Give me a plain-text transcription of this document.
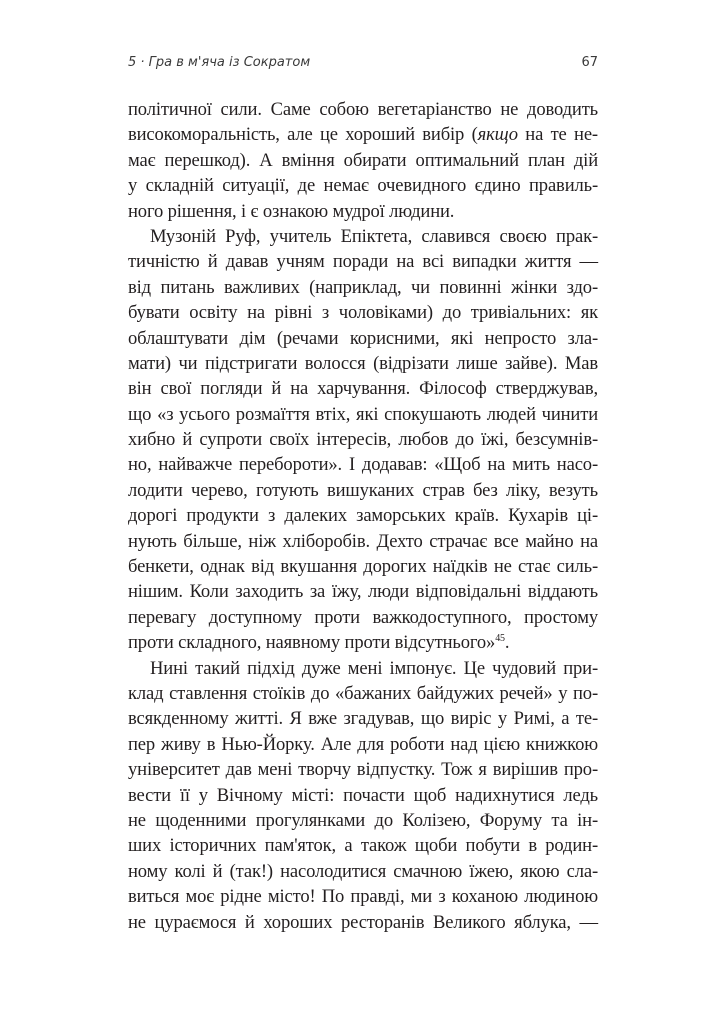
5 · Гра в м'яча із Сократом	67
політичної сили. Саме собою вегетаріанство не доводить
високоморальність, але це хороший вибір (якщо на те не-
має перешкод). А вміння обирати оптимальний план дій
у складній ситуації, де немає очевидного єдино правиль-
ного рішення, і є ознакою мудрої людини.
Музоній Руф, учитель Епіктета, славився своєю прак-
тичністю й давав учням поради на всі випадки життя —
від питань важливих (наприклад, чи повинні жінки здо-
бувати освіту на рівні з чоловіками) до тривіальних: як
облаштувати дім (речами корисними, які непросто зла-
мати) чи підстригати волосся (відрізати лише зайве). Мав
він свої погляди й на харчування. Філософ стверджував,
що «з усього розмаїття втіх, які спокушають людей чинити
хибно й супроти своїх інтересів, любов до їжі, безсумнів-
но, найважче перебороти». І додавав: «Щоб на мить насо-
лодити черево, готують вишуканих страв без ліку, везуть
дорогі продукти з далеких заморських країв. Кухарів ці-
нують більше, ніж хліборобів. Дехто страчає все майно на
бенкети, однак від вкушання дорогих наїдків не стає силь-
нішим. Коли заходить за їжу, люди відповідальні віддають
перевагу доступному проти важкодоступного, простому
проти складного, наявному проти відсутнього»$^{45}$.
Нині такий підхід дуже мені імпонує. Це чудовий при-
клад ставлення стоїків до «бажаних байдужих речей» у по-
всякденному житті. Я вже згадував, що виріс у Римі, а те-
пер живу в Нью-Йорку. Але для роботи над цією книжкою
університет дав мені творчу відпустку. Тож я вирішив про-
вести її у Вічному місті: почасти щоб надихнутися ледь
не щоденними прогулянками до Колізею, Форуму та ін-
ших історичних пам'яток, а також щоби побути в родин-
ному колі й (так!) насолодитися смачною їжею, якою сла-
виться моє рідне місто! По правді, ми з коханою людиною
не цураємося й хороших ресторанів Великого яблука, —
